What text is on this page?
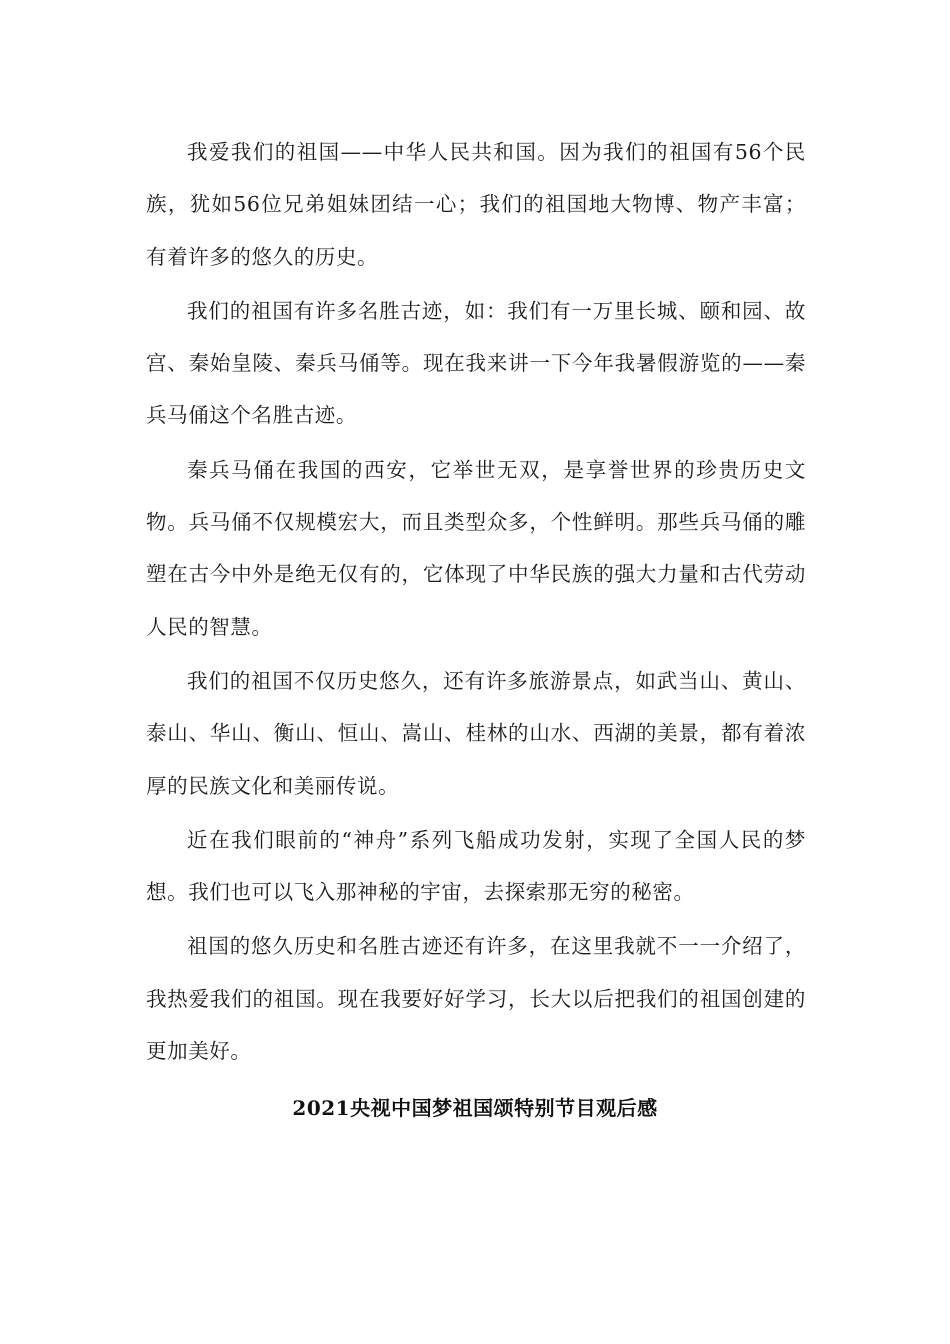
我爱我们的祖国——中华人民共和国。因为我们的祖国有56个民族，犹如56位兄弟姐妹团结一心；我们的祖国地大物博、物产丰富；有着许多的悠久的历史。

我们的祖国有许多名胜古迹，如：我们有一万里长城、颐和园、故宫、秦始皇陵、秦兵马俑等。现在我来讲一下今年我暑假游览的——秦兵马俑这个名胜古迹。

秦兵马俑在我国的西安，它举世无双，是享誉世界的珍贵历史文物。兵马俑不仅规模宏大，而且类型众多，个性鲜明。那些兵马俑的雕塑在古今中外是绝无仅有的，它体现了中华民族的强大力量和古代劳动人民的智慧。

我们的祖国不仅历史悠久，还有许多旅游景点，如武当山、黄山、泰山、华山、衡山、恒山、嵩山、桂林的山水、西湖的美景，都有着浓厚的民族文化和美丽传说。

近在我们眼前的“神舟”系列飞船成功发射，实现了全国人民的梦想。我们也可以飞入那神秘的宇宙，去探索那无穷的秘密。

祖国的悠久历史和名胜古迹还有许多，在这里我就不一一介绍了，我热爱我们的祖国。现在我要好好学习，长大以后把我们的祖国创建的更加美好。

2021央视中国梦祖国颂特别节目观后感
